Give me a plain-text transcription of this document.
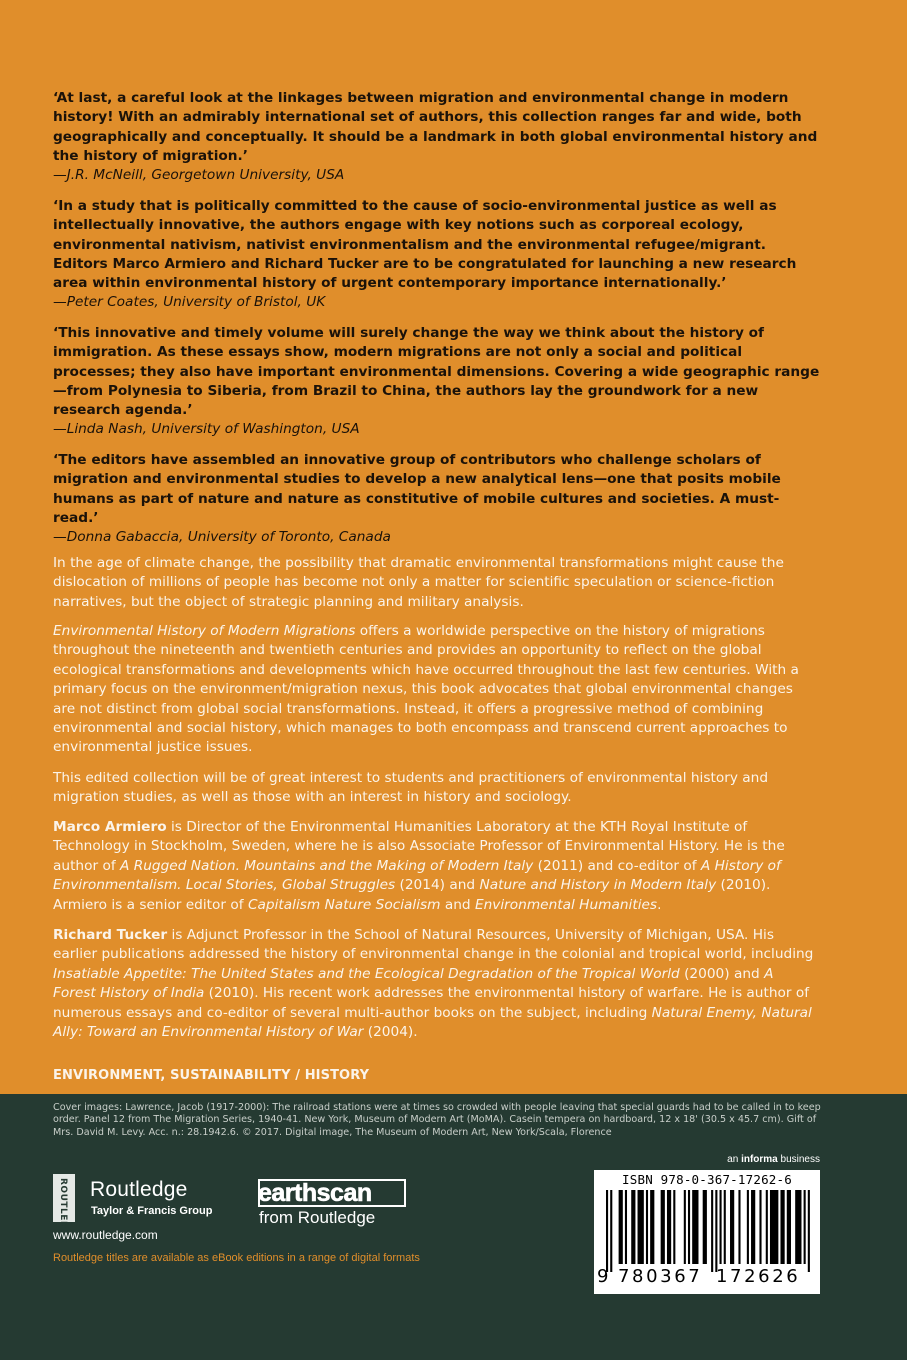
‘At last, a careful look at the linkages between migration and environmental change in modern history! With an admirably international set of authors, this collection ranges far and wide, both geographically and conceptually. It should be a landmark in both global environmental history and the history of migration.’
—J.R. McNeill, Georgetown University, USA
‘In a study that is politically committed to the cause of socio-environmental justice as well as intellectually innovative, the authors engage with key notions such as corporeal ecology, environmental nativism, nativist environmentalism and the environmental refugee/migrant. Editors Marco Armiero and Richard Tucker are to be congratulated for launching a new research area within environmental history of urgent contemporary importance internationally.’
—Peter Coates, University of Bristol, UK
‘This innovative and timely volume will surely change the way we think about the history of immigration. As these essays show, modern migrations are not only a social and political processes; they also have important environmental dimensions. Covering a wide geographic range—from Polynesia to Siberia, from Brazil to China, the authors lay the groundwork for a new research agenda.’
—Linda Nash, University of Washington, USA
‘The editors have assembled an innovative group of contributors who challenge scholars of migration and environmental studies to develop a new analytical lens—one that posits mobile humans as part of nature and nature as constitutive of mobile cultures and societies. A must-read.’
—Donna Gabaccia, University of Toronto, Canada
In the age of climate change, the possibility that dramatic environmental transformations might cause the dislocation of millions of people has become not only a matter for scientific speculation or science-fiction narratives, but the object of strategic planning and military analysis.
Environmental History of Modern Migrations offers a worldwide perspective on the history of migrations throughout the nineteenth and twentieth centuries and provides an opportunity to reflect on the global ecological transformations and developments which have occurred throughout the last few centuries. With a primary focus on the environment/migration nexus, this book advocates that global environmental changes are not distinct from global social transformations. Instead, it offers a progressive method of combining environmental and social history, which manages to both encompass and transcend current approaches to environmental justice issues.
This edited collection will be of great interest to students and practitioners of environmental history and migration studies, as well as those with an interest in history and sociology.
Marco Armiero is Director of the Environmental Humanities Laboratory at the KTH Royal Institute of Technology in Stockholm, Sweden, where he is also Associate Professor of Environmental History. He is the author of A Rugged Nation. Mountains and the Making of Modern Italy (2011) and co-editor of A History of Environmentalism. Local Stories, Global Struggles (2014) and Nature and History in Modern Italy (2010). Armiero is a senior editor of Capitalism Nature Socialism and Environmental Humanities.
Richard Tucker is Adjunct Professor in the School of Natural Resources, University of Michigan, USA. His earlier publications addressed the history of environmental change in the colonial and tropical world, including Insatiable Appetite: The United States and the Ecological Degradation of the Tropical World (2000) and A Forest History of India (2010). His recent work addresses the environmental history of warfare. He is author of numerous essays and co-editor of several multi-author books on the subject, including Natural Enemy, Natural Ally: Toward an Environmental History of War (2004).
ENVIRONMENT, SUSTAINABILITY / HISTORY
Cover images: Lawrence, Jacob (1917-2000): The railroad stations were at times so crowded with people leaving that special guards had to be called in to keep order. Panel 12 from The Migration Series, 1940-41. New York, Museum of Modern Art (MoMA). Casein tempera on hardboard, 12 x 18' (30.5 x 45.7 cm). Gift of Mrs. David M. Levy. Acc. n.: 28.1942.6. © 2017. Digital image, The Museum of Modern Art, New York/Scala, Florence
ROUTLEDGE Routledge
Taylor & Francis Group
earthscan
from Routledge
www.routledge.com
Routledge titles are available as eBook editions in a range of digital formats
an informa business
ISBN 978-0-367-17262-6
9 780367 172626
